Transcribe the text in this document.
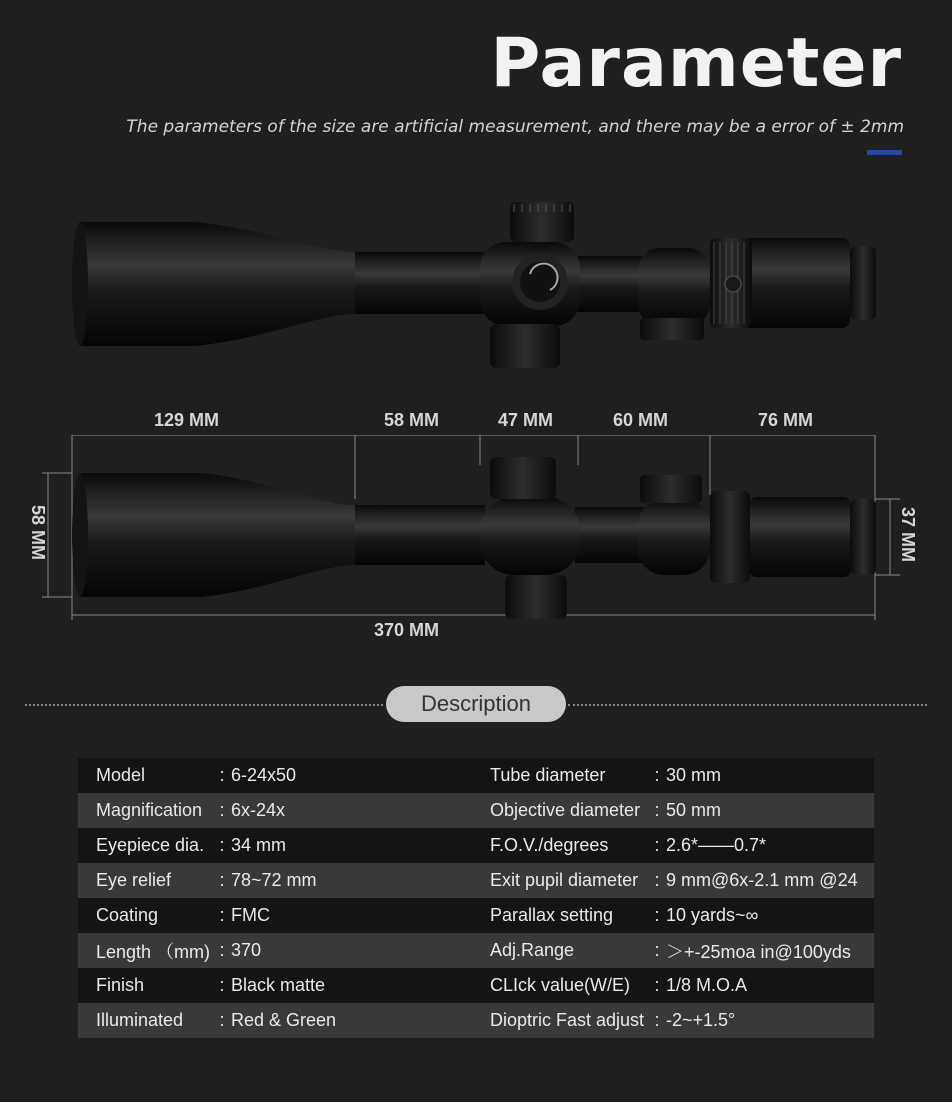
Parameter

The parameters of the size are artificial measurement, and there may be a error of ± 2mm

129 MM	58 MM	47 MM	60 MM	76 MM
370 MM
58 MM	37 MM
Description
Model	:	6-24x50	Tube diameter	:	30 mm
Magnification	:	6x-24x	Objective diameter	:	50 mm
Eyepiece dia.	:	34 mm	F.O.V./degrees	:	2.6*——0.7*
Eye relief	:	78~72 mm	Exit pupil diameter	:	9 mm@6x-2.1 mm @24
Coating	:	FMC	Parallax setting	:	10 yards~∞
Length （mm)	:	370	Adj.Range	:	＞+-25moa in@100yds
Finish	:	Black matte	CLIck value(W/E)	:	1/8 M.O.A
Illuminated	:	Red & Green	Dioptric Fast adjust	:	-2~+1.5°
